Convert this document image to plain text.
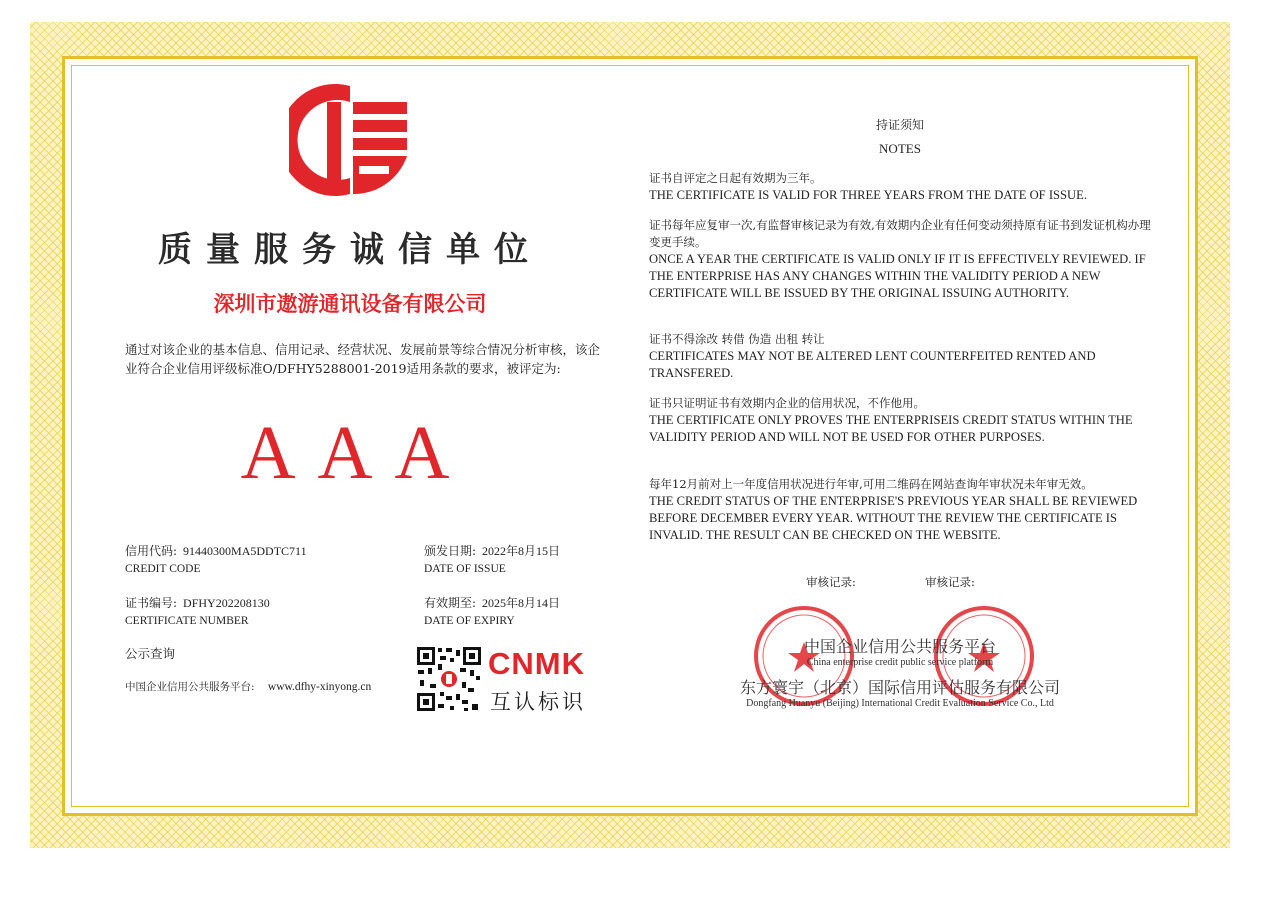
质量服务诚信单位
深圳市遨游通讯设备有限公司
通过对该企业的基本信息、信用记录、经营状况、发展前景等综合情况分析审核，该企业符合企业信用评级标准O/DFHY5288001-2019适用条款的要求，被评定为:
AAA
信用代码: 91440300MA5DDTC711
CREDIT CODE
颁发日期: 2022年8月15日
DATE OF ISSUE
证书编号: DFHY202208130
CERTIFICATE NUMBER
有效期至: 2025年8月14日
DATE OF EXPIRY
公示查询
中国企业信用公共服务平台: www.dfhy-xinyong.cn
CNMK
互认标识
持证须知
NOTES
证书自评定之日起有效期为三年。
THE CERTIFICATE IS VALID FOR THREE YEARS FROM THE DATE OF ISSUE.
证书每年应复审一次,有监督审核记录为有效,有效期内企业有任何变动须持原有证书到发证机构办理变更手续。
ONCE A YEAR THE CERTIFICATE IS VALID ONLY IF IT IS EFFECTIVELY REVIEWED. IF THE ENTERPRISE HAS ANY CHANGES WITHIN THE VALIDITY PERIOD A NEW CERTIFICATE WILL BE ISSUED BY THE ORIGINAL ISSUING AUTHORITY.
证书不得涂改 转借 伪造 出租 转让
CERTIFICATES MAY NOT BE ALTERED LENT COUNTERFEITED RENTED AND TRANSFERED.
证书只证明证书有效期内企业的信用状况，不作他用。
THE CERTIFICATE ONLY PROVES THE ENTERPRISEIS CREDIT STATUS WITHIN THE VALIDITY PERIOD AND WILL NOT BE USED FOR OTHER PURPOSES.
每年12月前对上一年度信用状况进行年审,可用二维码在网站查询年审状况未年审无效。
THE CREDIT STATUS OF THE ENTERPRISE'S PREVIOUS YEAR SHALL BE REVIEWED BEFORE DECEMBER EVERY YEAR. WITHOUT THE REVIEW THE CERTIFICATE IS INVALID. THE RESULT CAN BE CHECKED ON THE WEBSITE.
审核记录:	审核记录:
中国企业信用公共服务平台
China enterprise credit public service platform
东方寰宇（北京）国际信用评估服务有限公司
Dongfang Huanyu (Beijing) International Credit Evaluation Service Co., Ltd
